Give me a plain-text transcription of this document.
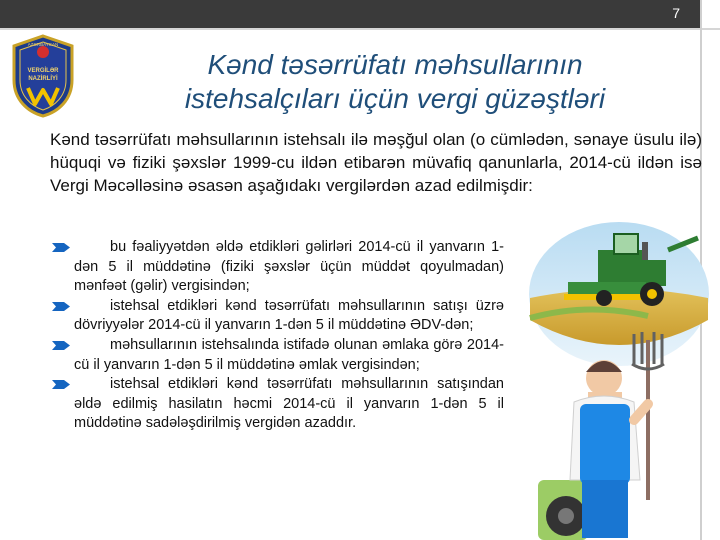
7
AZƏRBAYCAN
VERGİLƏR
NAZİRLİYİ	Kənd təsərrüfatı məhsullarının
istehsalçıları üçün vergi güzəştləri
Kənd təsərrüfatı məhsullarının istehsalı ilə məşğul olan (o cümlədən, sənaye üsulu ilə) hüquqi və fiziki şəxslər 1999-cu ildən etibarən müvafiq qanunlarla, 2014-cü ildən isə Vergi Məcəlləsinə əsasən aşağıdakı vergilərdən azad edilmişdir:
bu fəaliyyətdən əldə etdikləri gəlirləri 2014-cü il yanvarın 1-dən 5 il müddətinə (fiziki şəxslər üçün müddət qoyulmadan) mənfəət (gəlir) vergisindən;
istehsal etdikləri kənd təsərrüfatı məhsullarının satışı üzrə dövriyyələr 2014-cü il yanvarın 1-dən 5 il müddətinə ƏDV-dən;
məhsullarının istehsalında istifadə olunan əmlaka görə 2014-cü il yanvarın 1-dən 5 il müddətinə əmlak vergisindən;
istehsal etdikləri kənd təsərrüfatı məhsullarının satışından əldə edilmiş hasilatın həcmi 2014-cü il yanvarın 1-dən 5 il müddətinə sadələşdirilmiş vergidən azaddır.
